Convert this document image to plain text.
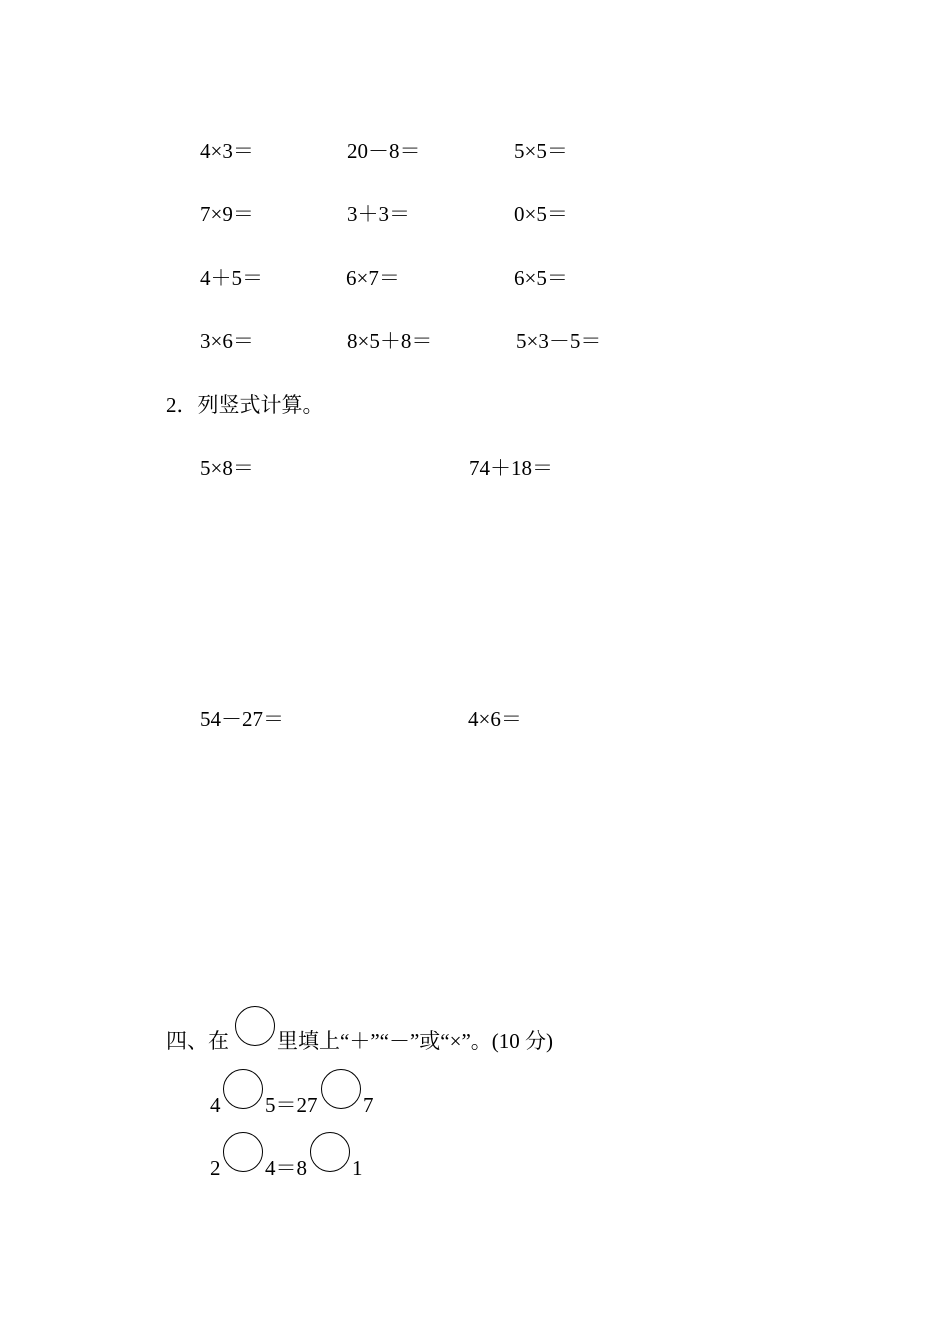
4×3＝	20－8＝	5×5＝
7×9＝	3＋3＝	0×5＝
4＋5＝	6×7＝	6×5＝
3×6＝	8×5＋8＝	5×3－5＝
2．列竖式计算。
5×8＝	74＋18＝
54－27＝	4×6＝
四、在 里填上“＋”“－”或“×”。(10 分)
4 5＝27 7
2 4＝8 1
